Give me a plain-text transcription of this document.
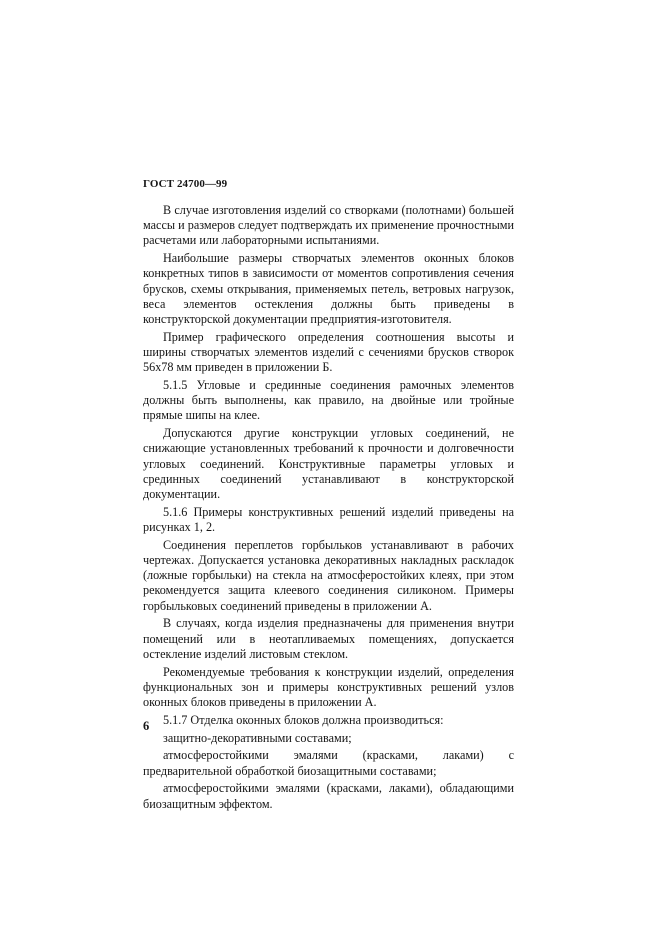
ГОСТ 24700—99

В случае изготовления изделий со створками (полотнами) большей массы и размеров следует подтверждать их применение прочностными расчетами или лабораторными испытаниями.

Наибольшие размеры створчатых элементов оконных блоков конкретных типов в зависимости от моментов сопротивления сечения брусков, схемы открывания, применяемых петель, ветровых нагрузок, веса элементов остекления должны быть приведены в конструкторской документации предприятия-изготовителя.

Пример графического определения соотношения высоты и ширины створчатых элементов изделий с сечениями брусков створок 56х78 мм приведен в приложении Б.

5.1.5 Угловые и срединные соединения рамочных элементов должны быть выполнены, как правило, на двойные или тройные прямые шипы на клее.

Допускаются другие конструкции угловых соединений, не снижающие установленных требований к прочности и долговечности угловых соединений. Конструктивные параметры угловых и срединных соединений устанавливают в конструкторской документации.

5.1.6 Примеры конструктивных решений изделий приведены на рисунках 1, 2.

Соединения переплетов горбыльков устанавливают в рабочих чертежах. Допускается установка декоративных накладных раскладок (ложные горбыльки) на стекла на атмосферостойких клеях, при этом рекомендуется защита клеевого соединения силиконом. Примеры горбыльковых соединений приведены в приложении А.

В случаях, когда изделия предназначены для применения внутри помещений или в неотапливаемых помещениях, допускается остекление изделий листовым стеклом.

Рекомендуемые требования к конструкции изделий, определения функциональных зон и примеры конструктивных решений узлов оконных блоков приведены в приложении А.

5.1.7 Отделка оконных блоков должна производиться:

защитно-декоративными составами;

атмосферостойкими эмалями (красками, лаками) с предварительной обработкой биозащитными составами;

атмосферостойкими эмалями (красками, лаками), обладающими биозащитным эффектом.

6
